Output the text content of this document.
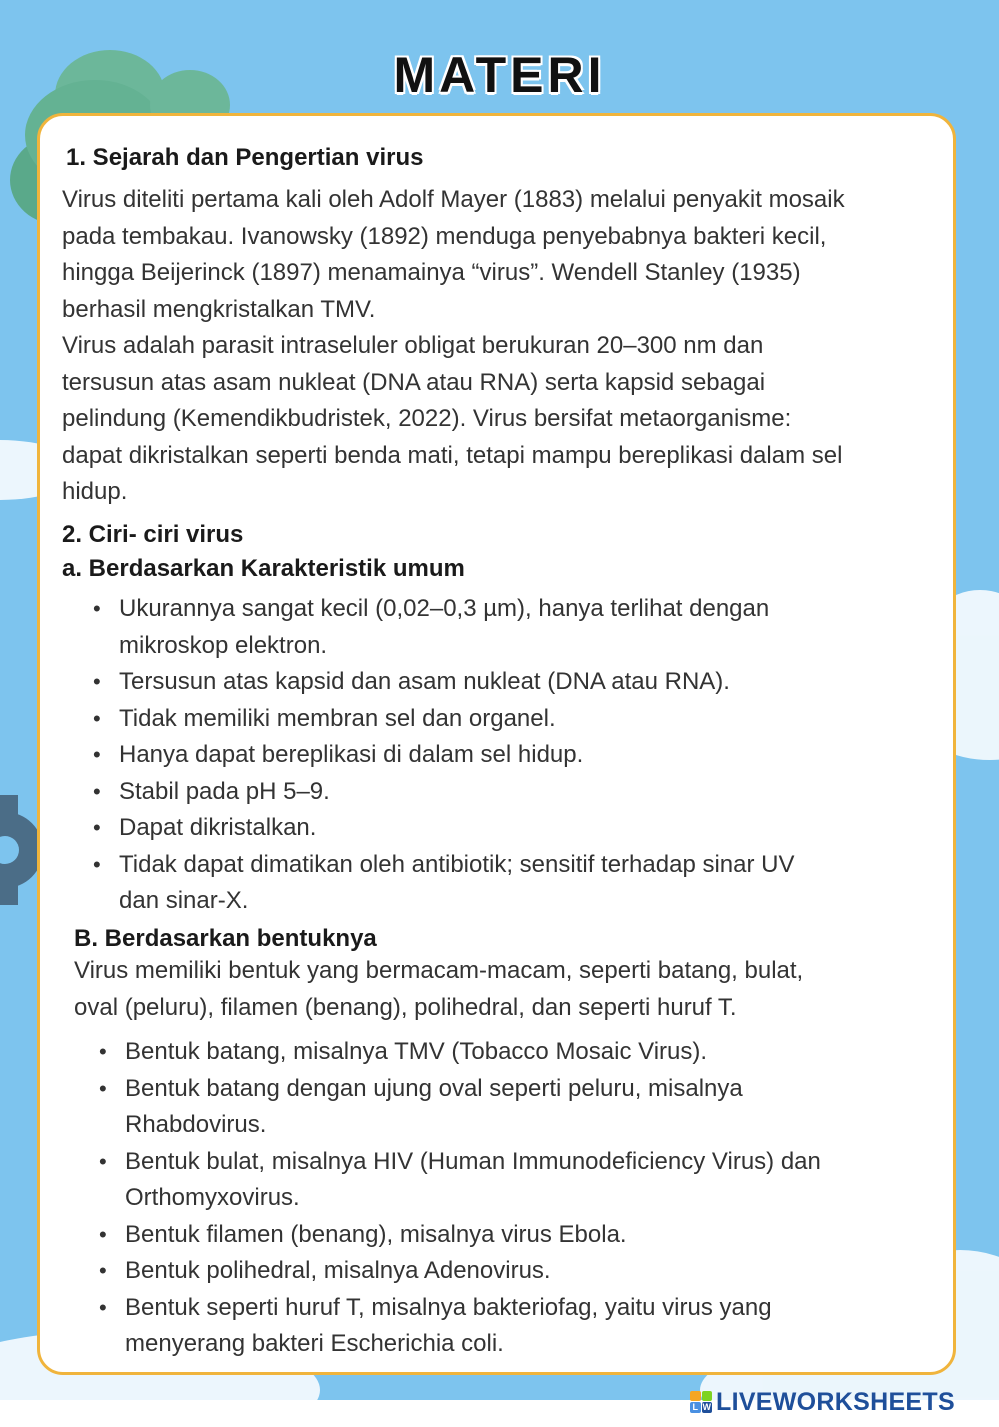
MATERI
1. Sejarah dan Pengertian virus
Virus diteliti pertama kali oleh Adolf Mayer (1883) melalui penyakit mosaik
pada tembakau. Ivanowsky (1892) menduga penyebabnya bakteri kecil,
hingga Beijerinck (1897) menamainya “virus”. Wendell Stanley (1935)
berhasil mengkristalkan TMV.
Virus adalah parasit intraseluler obligat berukuran 20–300 nm dan
tersusun atas asam nukleat (DNA atau RNA) serta kapsid sebagai
pelindung (Kemendikbudristek, 2022). Virus bersifat metaorganisme:
dapat dikristalkan seperti benda mati, tetapi mampu bereplikasi dalam sel
hidup.
2. Ciri- ciri virus
a. Berdasarkan Karakteristik umum
• Ukurannya sangat kecil (0,02–0,3 µm), hanya terlihat dengan
mikroskop elektron.
• Tersusun atas kapsid dan asam nukleat (DNA atau RNA).
• Tidak memiliki membran sel dan organel.
• Hanya dapat bereplikasi di dalam sel hidup.
• Stabil pada pH 5–9.
• Dapat dikristalkan.
• Tidak dapat dimatikan oleh antibiotik; sensitif terhadap sinar UV
dan sinar-X.
B. Berdasarkan bentuknya
Virus memiliki bentuk yang bermacam-macam, seperti batang, bulat,
oval (peluru), filamen (benang), polihedral, dan seperti huruf T.
• Bentuk batang, misalnya TMV (Tobacco Mosaic Virus).
• Bentuk batang dengan ujung oval seperti peluru, misalnya
Rhabdovirus.
• Bentuk bulat, misalnya HIV (Human Immunodeficiency Virus) dan
Orthomyxovirus.
• Bentuk filamen (benang), misalnya virus Ebola.
• Bentuk polihedral, misalnya Adenovirus.
• Bentuk seperti huruf T, misalnya bakteriofag, yaitu virus yang
menyerang bakteri Escherichia coli.
L W LIVEWORKSHEETS
